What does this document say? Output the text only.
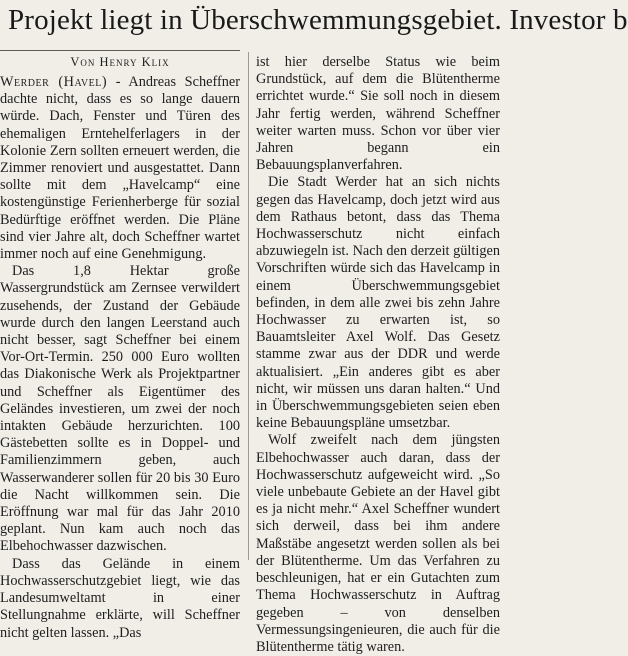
Projekt liegt in Überschwemmungsgebiet. Investor b
Von Henry Klix

Werder (Havel) - Andreas Scheffner dachte nicht, dass es so lange dauern würde. Dach, Fenster und Türen des ehemaligen Erntehelferlagers in der Kolonie Zern sollten erneuert werden, die Zimmer renoviert und ausgestattet. Dann sollte mit dem „Havelcamp“ eine kostengünstige Ferienherberge für sozial Bedürftige eröffnet werden. Die Pläne sind vier Jahre alt, doch Scheffner wartet immer noch auf eine Genehmigung.

Das 1,8 Hektar große Wassergrundstück am Zernsee verwildert zusehends, der Zustand der Gebäude wurde durch den langen Leerstand auch nicht besser, sagt Scheffner bei einem Vor-Ort-Termin. 250 000 Euro wollten das Diakonische Werk als Projektpartner und Scheffner als Eigentümer des Geländes investieren, um zwei der noch intakten Gebäude herzurichten. 100 Gästebetten sollte es in Doppel- und Familienzimmern geben, auch Wasserwanderer sollen für 20 bis 30 Euro die Nacht willkommen sein. Die Eröffnung war mal für das Jahr 2010 geplant. Nun kam auch noch das Elbehochwasser dazwischen.

Dass das Gelände in einem Hochwasserschutzgebiet liegt, wie das Landesumweltamt in einer Stellungnahme erklärte, will Scheffner nicht gelten lassen. „Das

ist hier derselbe Status wie beim Grundstück, auf dem die Blütentherme errichtet wurde.“ Sie soll noch in diesem Jahr fertig werden, während Scheffner weiter warten muss. Schon vor über vier Jahren begann ein Bebauungsplanverfahren.

Die Stadt Werder hat an sich nichts gegen das Havelcamp, doch jetzt wird aus dem Rathaus betont, dass das Thema Hochwasserschutz nicht einfach abzuwiegeln ist. Nach den derzeit gültigen Vorschriften würde sich das Havelcamp in einem Überschwemmungsgebiet befinden, in dem alle zwei bis zehn Jahre Hochwasser zu erwarten ist, so Bauamtsleiter Axel Wolf. Das Gesetz stamme zwar aus der DDR und werde aktualisiert. „Ein anderes gibt es aber nicht, wir müssen uns daran halten.“ Und in Überschwemmungsgebieten seien eben keine Bebauungspläne umsetzbar.

Wolf zweifelt nach dem jüngsten Elbehochwasser auch daran, dass der Hochwasserschutz aufgeweicht wird. „So viele unbebaute Gebiete an der Havel gibt es ja nicht mehr.“ Axel Scheffner wundert sich derweil, dass bei ihm andere Maßstäbe angesetzt werden sollen als bei der Blütentherme. Um das Verfahren zu beschleunigen, hat er ein Gutachten zum Thema Hochwasserschutz in Auftrag gegeben – von denselben Vermessungsingenieuren, die auch für die Blütentherme tätig waren.
